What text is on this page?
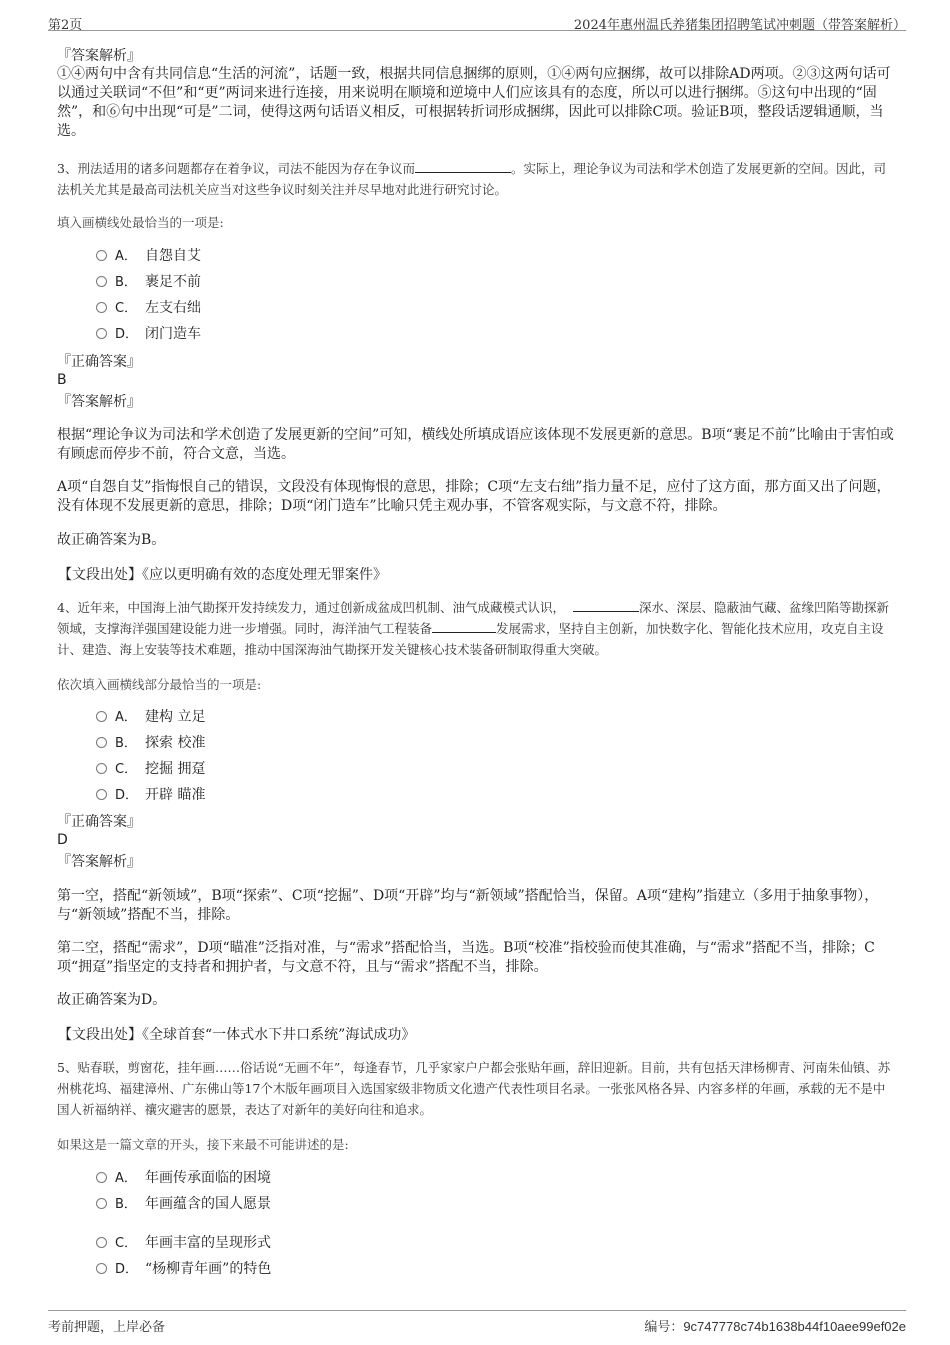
第2页	2024年惠州温氏养猪集团招聘笔试冲刺题（带答案解析）
『答案解析』
①④两句中含有共同信息“生活的河流”，话题一致，根据共同信息捆绑的原则，①④两句应捆绑，故可以排除AD两项。②③这两句话可以通过关联词“不但”和“更”两词来进行连接，用来说明在顺境和逆境中人们应该具有的态度，所以可以进行捆绑。⑤这句中出现的“固然”，和⑥句中出现“可是”二词，使得这两句话语义相反，可根据转折词形成捆绑，因此可以排除C项。验证B项，整段话逻辑通顺，当选。
3、刑法适用的诸多问题都存在着争议，司法不能因为存在争议而	。实际上，理论争议为司法和学术创造了发展更新的空间。因此，司法机关尤其是最高司法机关应当对这些争议时刻关注并尽早地对此进行研究讨论。
填入画横线处最恰当的一项是:
A． 自怨自艾
B． 裹足不前
C． 左支右绌
D． 闭门造车
『正确答案』
B
『答案解析』
根据“理论争议为司法和学术创造了发展更新的空间”可知，横线处所填成语应该体现不发展更新的意思。B项“裹足不前”比喻由于害怕或有顾虑而停步不前，符合文意，当选。
A项“自怨自艾”指悔恨自己的错误，文段没有体现悔恨的意思，排除；C项“左支右绌”指力量不足，应付了这方面，那方面又出了问题，没有体现不发展更新的意思，排除；D项“闭门造车”比喻只凭主观办事，不管客观实际，与文意不符，排除。
故正确答案为B。
【文段出处】《应以更明确有效的态度处理无罪案件》
4、近年来，中国海上油气勘探开发持续发力，通过创新成盆成凹机制、油气成藏模式认识，	深水、深层、隐蔽油气藏、盆缘凹陷等勘探新领域，支撑海洋强国建设能力进一步增强。同时，海洋油气工程装备	发展需求，坚持自主创新，加快数字化、智能化技术应用，攻克自主设计、建造、海上安装等技术难题，推动中国深海油气勘探开发关键核心技术装备研制取得重大突破。
依次填入画横线部分最恰当的一项是:
A． 建构 立足
B． 探索 校准
C． 挖掘 拥趸
D． 开辟 瞄准
『正确答案』
D
『答案解析』
第一空，搭配“新领域”，B项“探索”、C项“挖掘”、D项“开辟”均与“新领域”搭配恰当，保留。A项“建构”指建立（多用于抽象事物），与“新领域”搭配不当，排除。
第二空，搭配“需求”，D项“瞄准”泛指对准，与“需求”搭配恰当，当选。B项“校准”指校验而使其准确，与“需求”搭配不当，排除；C项“拥趸”指坚定的支持者和拥护者，与文意不符，且与“需求”搭配不当，排除。
故正确答案为D。
【文段出处】《全球首套“一体式水下井口系统”海试成功》
5、贴春联，剪窗花，挂年画……俗话说“无画不年”，每逢春节，几乎家家户户都会张贴年画，辞旧迎新。目前，共有包括天津杨柳青、河南朱仙镇、苏州桃花坞、福建漳州、广东佛山等17个木版年画项目入选国家级非物质文化遗产代表性项目名录。一张张风格各异、内容多样的年画，承载的无不是中国人祈福纳祥、禳灾避害的愿景，表达了对新年的美好向往和追求。
如果这是一篇文章的开头，接下来最不可能讲述的是:
A． 年画传承面临的困境
B． 年画蕴含的国人愿景
C． 年画丰富的呈现形式
D． “杨柳青年画”的特色
考前押题，上岸必备	编号：9c747778c74b1638b44f10aee99ef02e
